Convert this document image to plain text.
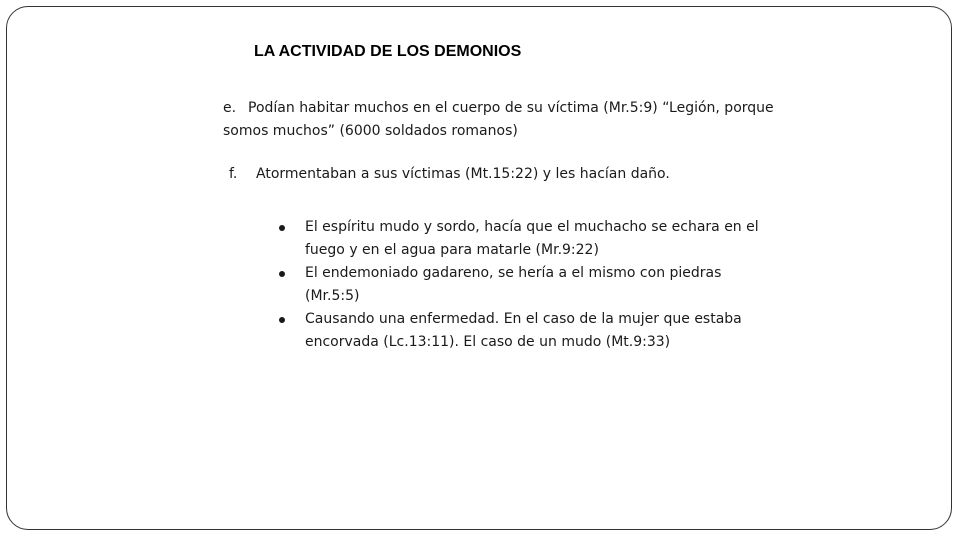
LA ACTIVIDAD DE LOS DEMONIOS
e. Podían habitar muchos en el cuerpo de su víctima (Mr.5:9) “Legión, porque somos muchos” (6000 soldados romanos)
f. Atormentaban a sus víctimas (Mt.15:22) y les hacían daño.
El espíritu mudo y sordo, hacía que el muchacho se echara en el fuego y en el agua para matarle (Mr.9:22)
El endemoniado gadareno, se hería a el mismo con piedras (Mr.5:5)
Causando una enfermedad. En el caso de la mujer que estaba encorvada (Lc.13:11). El caso de un mudo (Mt.9:33)
